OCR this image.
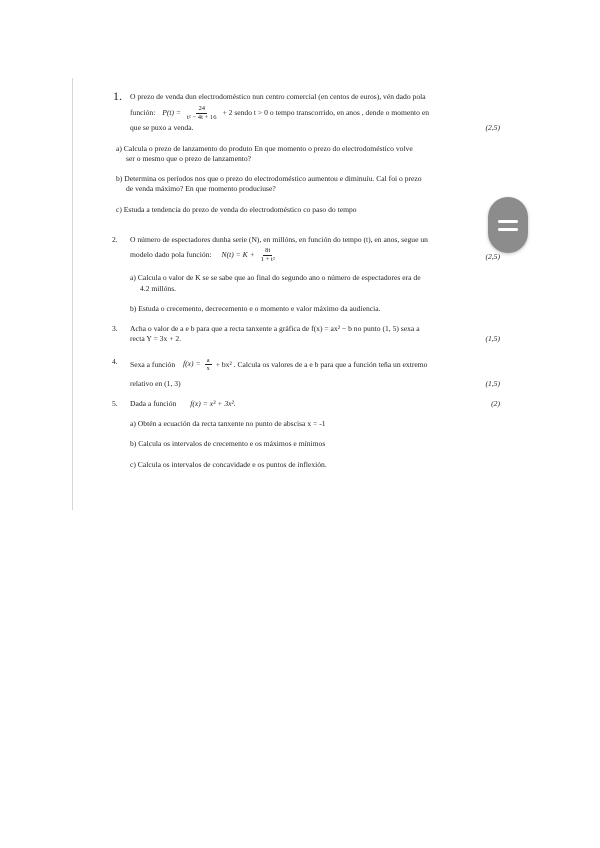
1. O prezo de venda dun electrodoméstico nun centro comercial (en centos de euros), vén dado pola
función: $P(t) = \frac{24}{\text{t² − 4t + 16}} + 2$ sendo t > 0 o tempo transcorrido, en anos , dende o momento en
que se puxo a venda.	(2,5)
a) Calcula o prezo de lanzamento do produto En que momento o prezo do electrodoméstico volve
ser o mesmo que o prezo de lanzamento?
b) Determina os períodos nos que o prezo do electrodoméstico aumentou e diminuíu. Cal foi o prezo
de venda máximo? En que momento produciuse?
c) Estuda a tendencia do prezo de venda do electrodoméstico co paso do tempo
2. O número de espectadores dunha serie (N), en millóns, en función do tempo (t), en anos, segue un
modelo dado pola función: $N(t) = K + \frac{8t}{\text{1 + t²}}$	(2,5)
a) Calcula o valor de K se se sabe que ao final do segundo ano o número de espectadores era de
4.2 millóns.
b) Estuda o crecemento, decrecemento e o momento e valor máximo da audiencia.
3. Acha o valor de a e b para que a recta tanxente a gráfica de f(x) = ax² − b no punto (1, 5) sexa a
recta Y = 3x + 2.	(1,5)
4. Sexa a función $f(x) = \frac{a}{x} + bx^2$ . Calcula os valores de a e b para que a función teña un extremo
relativo en (1, 3)	(1,5)
5. Dada a función f(x) = x³ + 3x².	(2)
a) Obtén a ecuación da recta tanxente no punto de abscisa x = -1
b) Calcula os intervalos de crecemento e os máximos e mínimos
c) Calcula os intervalos de concavidade e os puntos de inflexión.
